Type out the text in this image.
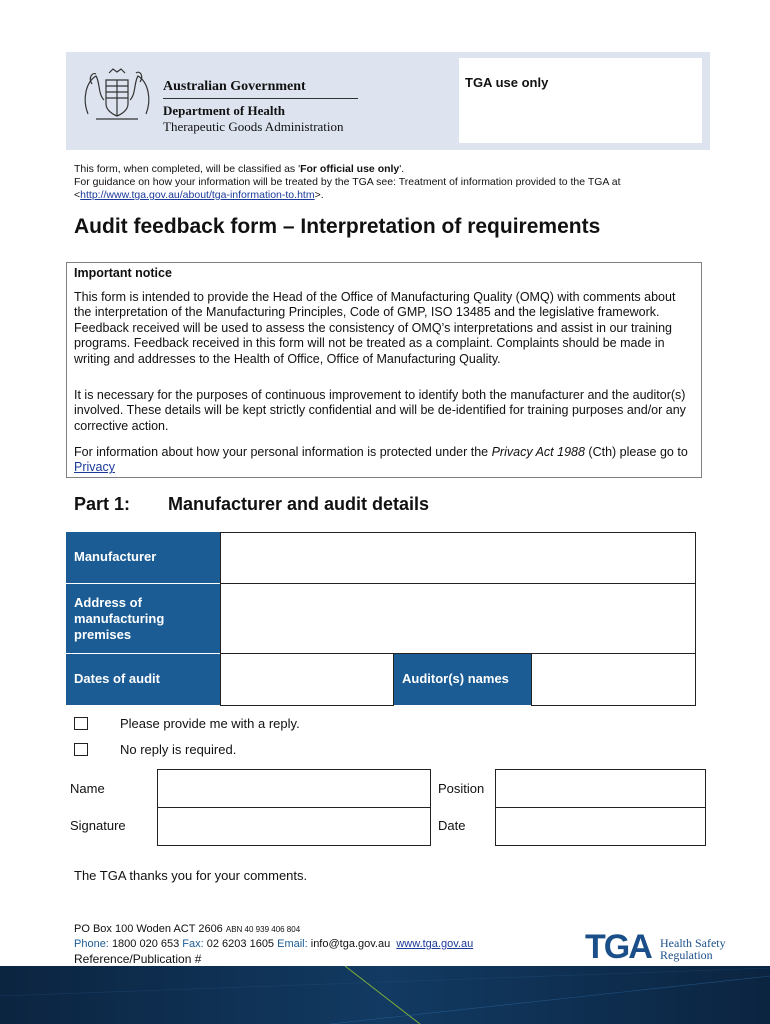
Australian Government
Department of Health
Therapeutic Goods Administration
TGA use only
This form, when completed, will be classified as 'For official use only'.
For guidance on how your information will be treated by the TGA see: Treatment of information provided to the TGA at
<http://www.tga.gov.au/about/tga-information-to.htm>.
Audit feedback form – Interpretation of requirements
Important notice

This form is intended to provide the Head of the Office of Manufacturing Quality (OMQ) with comments about the interpretation of the Manufacturing Principles, Code of GMP, ISO 13485 and the legislative framework. Feedback received will be used to assess the consistency of OMQ’s interpretations and assist in our training programs. Feedback received in this form will not be treated as a complaint. Complaints should be made in writing and addresses to the Health of Office, Office of Manufacturing Quality.

It is necessary for the purposes of continuous improvement to identify both the manufacturer and the auditor(s) involved. These details will be kept strictly confidential and will be de-identified for training purposes and/or any corrective action.

For information about how your personal information is protected under the Privacy Act 1988 (Cth) please go to Privacy

Part 1: Manufacturer and audit details
Manufacturer
Address of manufacturing premises
Dates of audit	Auditor(s) names
Please provide me with a reply.
No reply is required.
Name	Position
Signature	Date
The TGA thanks you for your comments.
PO Box 100 Woden ACT 2606 ABN 40 939 406 804
Phone: 1800 020 653 Fax: 02 6203 1605 Email: info@tga.gov.au www.tga.gov.au
Reference/Publication #	TGA Health Safety
Regulation
